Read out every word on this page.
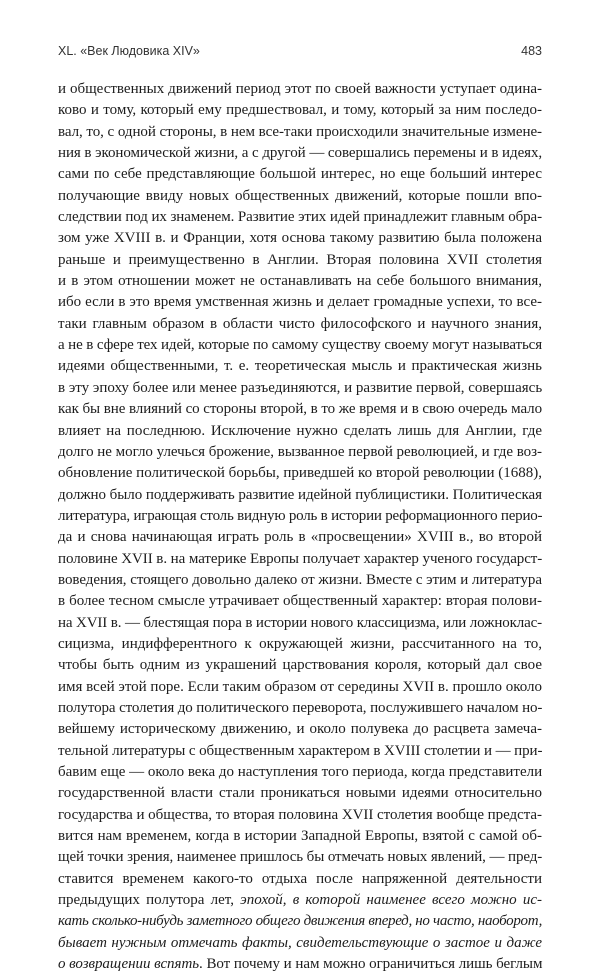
XL. «Век Людовика XIV»	483
и общественных движений период этот по своей важности уступает одина-
ково и тому, который ему предшествовал, и тому, который за ним последо-
вал, то, с одной стороны, в нем все-таки происходили значительные измене-
ния в экономической жизни, а с другой — совершались перемены и в идеях,
сами по себе представляющие большой интерес, но еще больший интерес
получающие ввиду новых общественных движений, которые пошли впо-
следствии под их знаменем. Развитие этих идей принадлежит главным обра-
зом уже XVIII в. и Франции, хотя основа такому развитию была положена
раньше и преимущественно в Англии. Вторая половина XVII столетия
и в этом отношении может не останавливать на себе большого внимания,
ибо если в это время умственная жизнь и делает громадные успехи, то все-
таки главным образом в области чисто философского и научного знания,
а не в сфере тех идей, которые по самому существу своему могут называться
идеями общественными, т. е. теоретическая мысль и практическая жизнь
в эту эпоху более или менее разъединяются, и развитие первой, совершаясь
как бы вне влияний со стороны второй, в то же время и в свою очередь мало
влияет на последнюю. Исключение нужно сделать лишь для Англии, где
долго не могло улечься брожение, вызванное первой революцией, и где воз-
обновление политической борьбы, приведшей ко второй революции (1688),
должно было поддерживать развитие идейной публицистики. Политическая
литература, играющая столь видную роль в истории реформационного перио-
да и снова начинающая играть роль в «просвещении» XVIII в., во второй
половине XVII в. на материке Европы получает характер ученого государст-
воведения, стоящего довольно далеко от жизни. Вместе с этим и литература
в более тесном смысле утрачивает общественный характер: вторая полови-
на XVII в. — блестящая пора в истории нового классицизма, или ложноклас-
сицизма, индифферентного к окружающей жизни, рассчитанного на то,
чтобы быть одним из украшений царствования короля, который дал свое
имя всей этой поре. Если таким образом от середины XVII в. прошло около
полутора столетия до политического переворота, послужившего началом но-
вейшему историческому движению, и около полувека до расцвета замеча-
тельной литературы с общественным характером в XVIII столетии и — при-
бавим еще — около века до наступления того периода, когда представители
государственной власти стали проникаться новыми идеями относительно
государства и общества, то вторая половина XVII столетия вообще предста-
вится нам временем, когда в истории Западной Европы, взятой с самой об-
щей точки зрения, наименее пришлось бы отмечать новых явлений, — пред-
ставится временем какого-то отдыха после напряженной деятельности
предыдущих полутора лет, эпохой, в которой наименее всего можно ис-
кать сколько-нибудь заметного общего движения вперед, но часто, наоборот,
бывает нужным отмечать факты, свидетельствующие о застое и даже
о возвращении вспять. Вот почему и нам можно ограничиться лишь беглым
